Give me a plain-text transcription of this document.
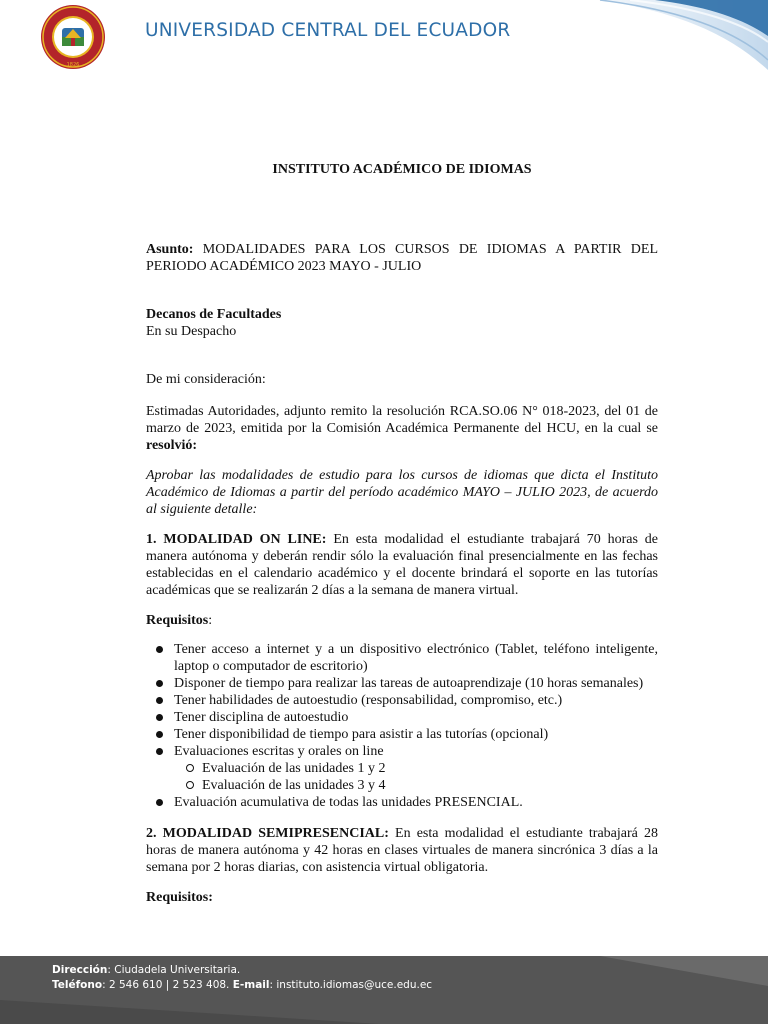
1826
UNIVERSIDAD CENTRAL DEL ECUADOR
INSTITUTO ACADÉMICO DE IDIOMAS
Asunto: MODALIDADES PARA LOS CURSOS DE IDIOMAS A PARTIR DEL PERIODO ACADÉMICO 2023 MAYO - JULIO
Decanos de Facultades
En su Despacho
De mi consideración:
Estimadas Autoridades, adjunto remito la resolución RCA.SO.06 N° 018-2023, del 01 de marzo de 2023, emitida por la Comisión Académica Permanente del HCU, en la cual se resolvió:
Aprobar las modalidades de estudio para los cursos de idiomas que dicta el Instituto Académico de Idiomas a partir del período académico MAYO – JULIO 2023, de acuerdo al siguiente detalle:
1. MODALIDAD ON LINE: En esta modalidad el estudiante trabajará 70 horas de manera autónoma y deberán rendir sólo la evaluación final presencialmente en las fechas establecidas en el calendario académico y el docente brindará el soporte en las tutorías académicas que se realizarán 2 días a la semana de manera virtual.
Requisitos:
Tener acceso a internet y a un dispositivo electrónico (Tablet, teléfono inteligente, laptop o computador de escritorio)
Disponer de tiempo para realizar las tareas de autoaprendizaje (10 horas semanales)
Tener habilidades de autoestudio (responsabilidad, compromiso, etc.)
Tener disciplina de autoestudio
Tener disponibilidad de tiempo para asistir a las tutorías (opcional)
Evaluaciones escritas y orales on line
Evaluación de las unidades 1 y 2
Evaluación de las unidades 3 y 4
Evaluación acumulativa de todas las unidades PRESENCIAL.
2. MODALIDAD SEMIPRESENCIAL: En esta modalidad el estudiante trabajará 28 horas de manera autónoma y 42 horas en clases virtuales de manera sincrónica 3 días a la semana por 2 horas diarias, con asistencia virtual obligatoria.
Requisitos:
Dirección: Ciudadela Universitaria.
Teléfono: 2 546 610 | 2 523 408. E-mail: instituto.idiomas@uce.edu.ec
